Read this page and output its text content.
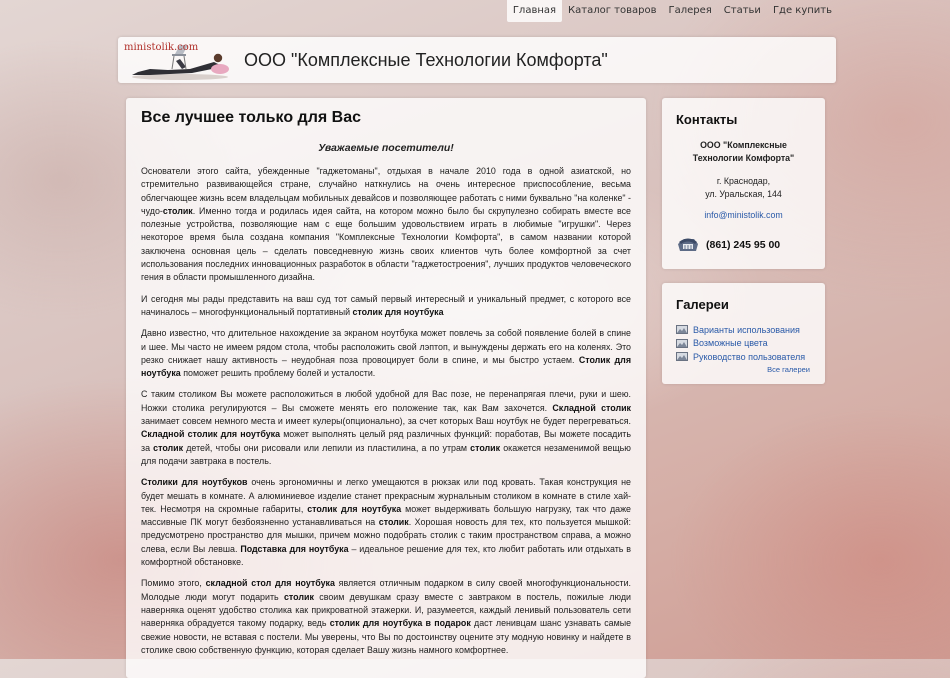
Главная	Каталог товаров	Галерея	Статьи	Где купить
ministolik.com
ООО "Комплексные Технологии Комфорта"
Все лучшее только для Вас
Уважаемые посетители!

Основатели этого сайта, убежденные "гаджетоманы", отдыхая в начале 2010 года в одной азиатской, но стремительно развивающейся стране, случайно наткнулись на очень интересное приспособление, весьма облегчающее жизнь всем владельцам мобильных девайсов и позволяющее работать с ними буквально "на коленке" - чудо-столик. Именно тогда и родилась идея сайта, на котором можно было бы скрупулезно собирать вместе все полезные устройства, позволяющие нам с еще большим удовольствием играть в любимые "игрушки". Через некоторое время была создана компания "Комплексные Технологии Комфорта", в самом названии которой заключена основная цель – сделать повседневную жизнь своих клиентов чуть более комфортной за счет использования последних инновационных разработок в области "гаджетостроения", лучших продуктов человеческого гения в области промышленного дизайна.

И сегодня мы рады представить на ваш суд тот самый первый интересный и уникальный предмет, с которого все начиналось – многофункциональный портативный столик для ноутбука

Давно известно, что длительное нахождение за экраном ноутбука может повлечь за собой появление болей в спине и шее. Мы часто не имеем рядом стола, чтобы расположить свой лэптоп, и вынуждены держать его на коленях. Это резко снижает нашу активность – неудобная поза провоцирует боли в спине, и мы быстро устаем. Столик для ноутбука поможет решить проблему болей и усталости.

С таким столиком Вы можете расположиться в любой удобной для Вас позе, не перенапрягая плечи, руки и шею. Ножки столика регулируются – Вы сможете менять его положение так, как Вам захочется. Складной столик занимает совсем немного места и имеет кулеры(опционально), за счет которых Ваш ноутбук не будет перегреваться. Складной столик для ноутбука может выполнять целый ряд различных функций: порабoтав, Вы можете посадить за столик детей, чтобы они рисовали или лепили из пластилина, а по утрам столик окажется незаменимой вещью для подачи завтрака в постель.

Столики для ноутбуков очень эргономичны и легко умещаются в рюкзак или под кровать. Такая конструкция не будет мешать в комнате. А алюминиевое изделие станет прекрасным журнальным столиком в комнате в стиле хай-тек. Несмотря на скромные габариты, столик для ноутбука может выдерживать большую нагрузку, так что даже массивные ПК могут безбоязненно устанавливаться на столик. Хорошая новость для тех, кто пользуется мышкой: предусмотрено пространство для мышки, причем можно подобрать столик с таким пространством справа, а можно слева, если Вы левша. Подставка для ноутбука – идеальное решение для тех, кто любит работать или отдыхать в комфортной обстановке.

Помимо этого, складной стол для ноутбука является отличным подарком в силу своей многофункциональности. Молодые люди могут подарить столик своим девушкам сразу вместе с завтраком в постель, пожилые люди наверняка оценят удобство столика как прикроватной этажерки. И, разумеется, каждый ленивый пользователь сети наверняка обрадуется такому подарку, ведь столик для ноутбука в подарок даст ленивцам шанс узнавать самые свежие новости, не вставая с постели. Мы уверены, что Вы по достоинству оцените эту модную новинку и найдете в столике свою собственную функцию, которая сделает Вашу жизнь намного комфортнее.

Контакты
ООО "Комплексные
Технологии Комфорта"
г. Краснодар,
ул. Уральская, 144
info@ministolik.com
(861) 245 95 00
Галереи
Варианты использования
Возможные цвета
Руководство пользователя
Все галереи
